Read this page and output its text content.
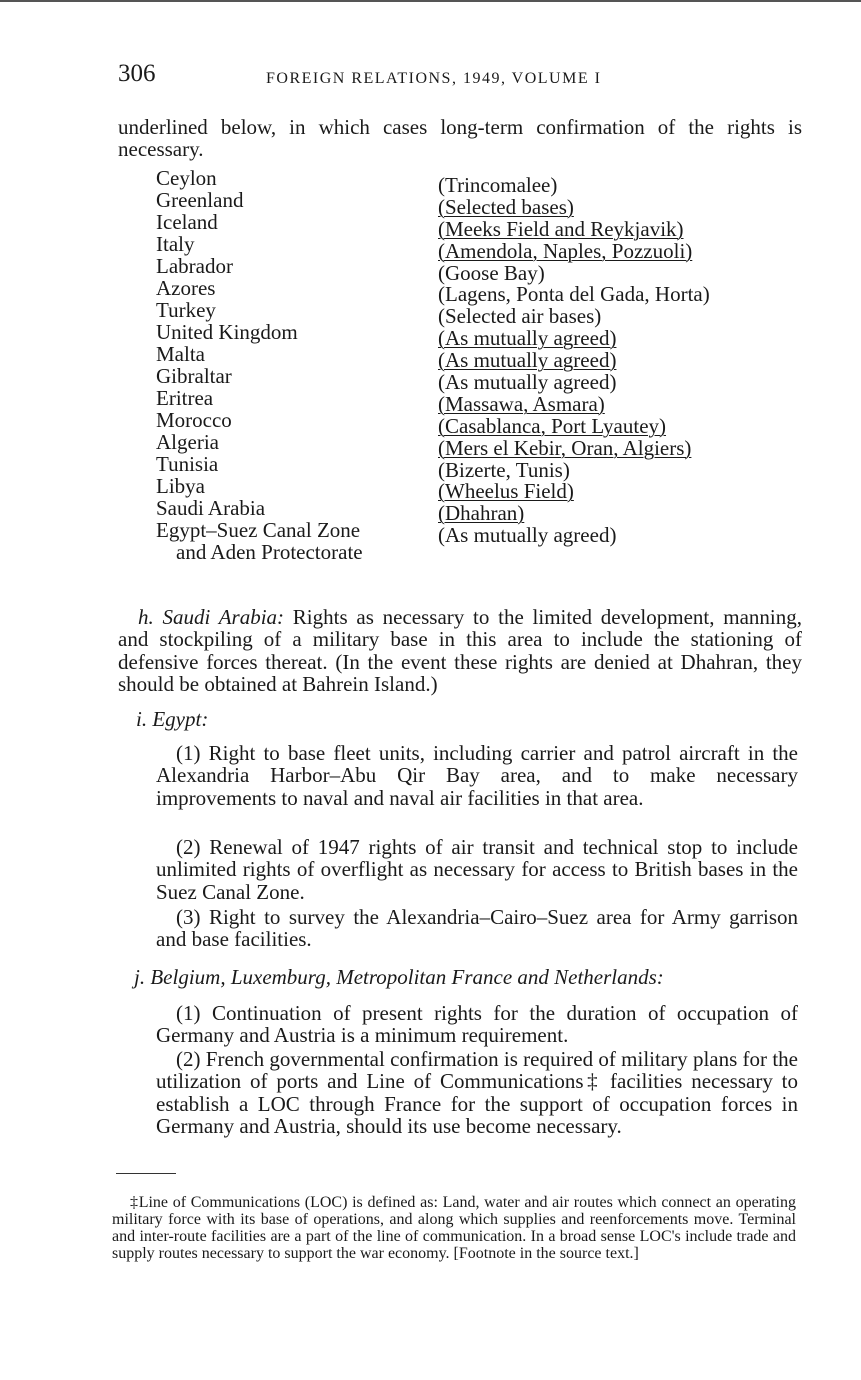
306	FOREIGN RELATIONS, 1949, VOLUME I

underlined below, in which cases long-term confirmation of the rights is necessary.

Ceylon
Greenland
Iceland
Italy
Labrador
Azores
Turkey
United Kingdom
Malta
Gibraltar
Eritrea
Morocco
Algeria
Tunisia
Libya
Saudi Arabia
Egypt–Suez Canal Zone
and Aden Protectorate
(Trincomalee)
(Selected bases)
(Meeks Field and Reykjavik)
(Amendola, Naples, Pozzuoli)
(Goose Bay)
(Lagens, Ponta del Gada, Horta)
(Selected air bases)
(As mutually agreed)
(As mutually agreed)
(As mutually agreed)
(Massawa, Asmara)
(Casablanca, Port Lyautey)
(Mers el Kebir, Oran, Algiers)
(Bizerte, Tunis)
(Wheelus Field)
(Dhahran)
(As mutually agreed)

h. Saudi Arabia: Rights as necessary to the limited development, manning, and stockpiling of a military base in this area to include the stationing of defensive forces thereat. (In the event these rights are denied at Dhahran, they should be obtained at Bahrein Island.)

i. Egypt:

(1) Right to base fleet units, including carrier and patrol aircraft in the Alexandria Harbor–Abu Qir Bay area, and to make necessary improvements to naval and naval air facilities in that area.

(2) Renewal of 1947 rights of air transit and technical stop to include unlimited rights of overflight as necessary for access to British bases in the Suez Canal Zone.

(3) Right to survey the Alexandria–Cairo–Suez area for Army garrison and base facilities.

j. Belgium, Luxemburg, Metropolitan France and Netherlands:

(1) Continuation of present rights for the duration of occupation of Germany and Austria is a minimum requirement.

(2) French governmental confirmation is required of military plans for the utilization of ports and Line of Communications‡ facilities necessary to establish a LOC through France for the support of occupation forces in Germany and Austria, should its use become necessary.

‡Line of Communications (LOC) is defined as: Land, water and air routes which connect an operating military force with its base of operations, and along which supplies and reenforcements move. Terminal and inter-route facilities are a part of the line of communication. In a broad sense LOC's include trade and supply routes necessary to support the war economy. [Footnote in the source text.]
